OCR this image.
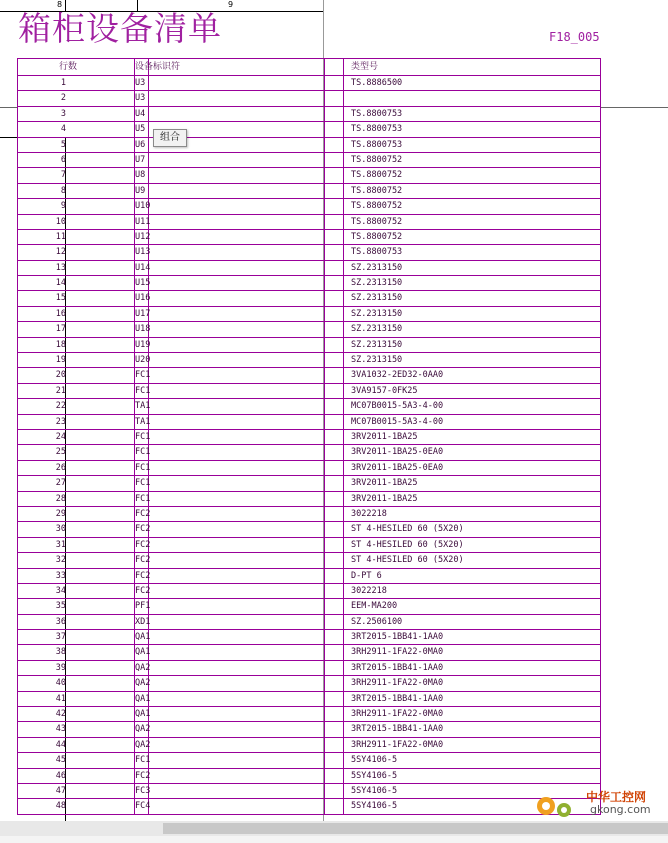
8	9
箱柜设备清单	F18_005
行数	设备标识符	类型号
1	U3	TS.8886500
2	U3
3	U4	TS.8800753
4	U5	TS.8800753
5	U6	TS.8800753
6	U7	TS.8800752
7	U8	TS.8800752
8	U9	TS.8800752
9	U10	TS.8800752
10	U11	TS.8800752
11	U12	TS.8800752
12	U13	TS.8800753
13	U14	SZ.2313150
14	U15	SZ.2313150
15	U16	SZ.2313150
16	U17	SZ.2313150
17	U18	SZ.2313150
18	U19	SZ.2313150
19	U20	SZ.2313150
20	FC1	3VA1032-2ED32-0AA0
21	FC1	3VA9157-0FK25
22	TA1	MC07B0015-5A3-4-00
23	TA1	MC07B0015-5A3-4-00
24	FC1	3RV2011-1BA25
25	FC1	3RV2011-1BA25-0EA0
26	FC1	3RV2011-1BA25-0EA0
27	FC1	3RV2011-1BA25
28	FC1	3RV2011-1BA25
29	FC2	3022218
30	FC2	ST 4-HESILED 60 (5X20)
31	FC2	ST 4-HESILED 60 (5X20)
32	FC2	ST 4-HESILED 60 (5X20)
33	FC2	D-PT 6
34	FC2	3022218
35	PF1	EEM-MA200
36	XD1	SZ.2506100
37	QA1	3RT2015-1BB41-1AA0
38	QA1	3RH2911-1FA22-0MA0
39	QA2	3RT2015-1BB41-1AA0
40	QA2	3RH2911-1FA22-0MA0
41	QA1	3RT2015-1BB41-1AA0
42	QA1	3RH2911-1FA22-0MA0
43	QA2	3RT2015-1BB41-1AA0
44	QA2	3RH2911-1FA22-0MA0
45	FC1	5SY4106-5
46	FC2	5SY4106-5
47	FC3	5SY4106-5
48	FC4	5SY4106-5
组合
中华工控网
gkong.com
